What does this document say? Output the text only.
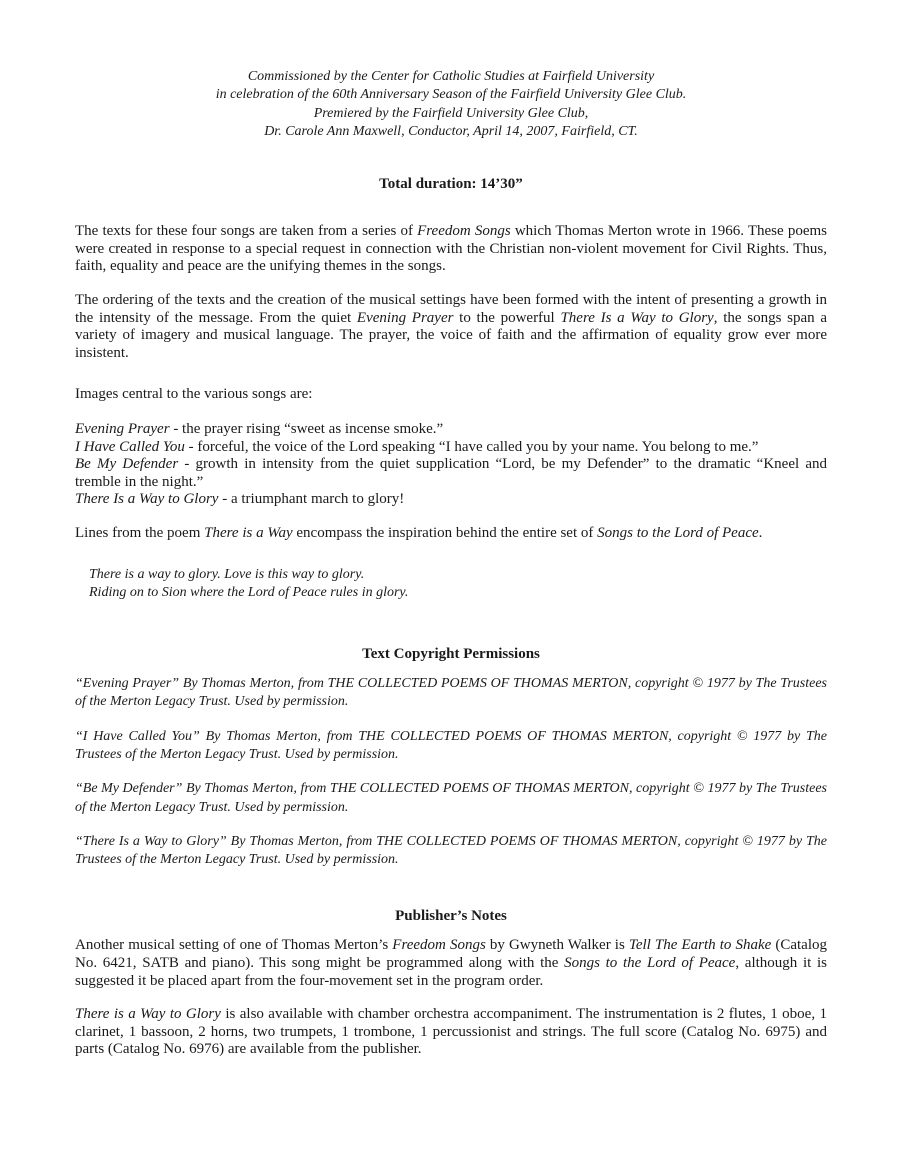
Commissioned by the Center for Catholic Studies at Fairfield University
in celebration of the 60th Anniversary Season of the Fairfield University Glee Club.
Premiered by the Fairfield University Glee Club,
Dr. Carole Ann Maxwell, Conductor, April 14, 2007, Fairfield, CT.
Total duration: 14’30”

The texts for these four songs are taken from a series of Freedom Songs which Thomas Merton wrote in 1966. These poems were created in response to a special request in connection with the Christian non-violent movement for Civil Rights. Thus, faith, equality and peace are the unifying themes in the songs.

The ordering of the texts and the creation of the musical settings have been formed with the intent of presenting a growth in the intensity of the message. From the quiet Evening Prayer to the powerful There Is a Way to Glory, the songs span a variety of imagery and musical language. The prayer, the voice of faith and the affirmation of equality grow ever more insistent.

Images central to the various songs are:

Evening Prayer - the prayer rising “sweet as incense smoke.”
I Have Called You - forceful, the voice of the Lord speaking “I have called you by your name. You belong to me.”
Be My Defender - growth in intensity from the quiet supplication “Lord, be my Defender” to the dramatic “Kneel and tremble in the night.”
There Is a Way to Glory - a triumphant march to glory!

Lines from the poem There is a Way encompass the inspiration behind the entire set of Songs to the Lord of Peace.

There is a way to glory. Love is this way to glory.
Riding on to Sion where the Lord of Peace rules in glory.
Text Copyright Permissions

“Evening Prayer” By Thomas Merton, from THE COLLECTED POEMS OF THOMAS MERTON, copyright © 1977 by The Trustees of the Merton Legacy Trust. Used by permission.

“I Have Called You” By Thomas Merton, from THE COLLECTED POEMS OF THOMAS MERTON, copyright © 1977 by The Trustees of the Merton Legacy Trust. Used by permission.

“Be My Defender” By Thomas Merton, from THE COLLECTED POEMS OF THOMAS MERTON, copyright © 1977 by The Trustees of the Merton Legacy Trust. Used by permission.

“There Is a Way to Glory” By Thomas Merton, from THE COLLECTED POEMS OF THOMAS MERTON, copyright © 1977 by The Trustees of the Merton Legacy Trust. Used by permission.

Publisher’s Notes

Another musical setting of one of Thomas Merton’s Freedom Songs by Gwyneth Walker is Tell The Earth to Shake (Catalog No. 6421, SATB and piano). This song might be programmed along with the Songs to the Lord of Peace, although it is suggested it be placed apart from the four-movement set in the program order.

There is a Way to Glory is also available with chamber orchestra accompaniment. The instrumentation is 2 flutes, 1 oboe, 1 clarinet, 1 bassoon, 2 horns, two trumpets, 1 trombone, 1 percussionist and strings. The full score (Catalog No. 6975) and parts (Catalog No. 6976) are available from the publisher.
